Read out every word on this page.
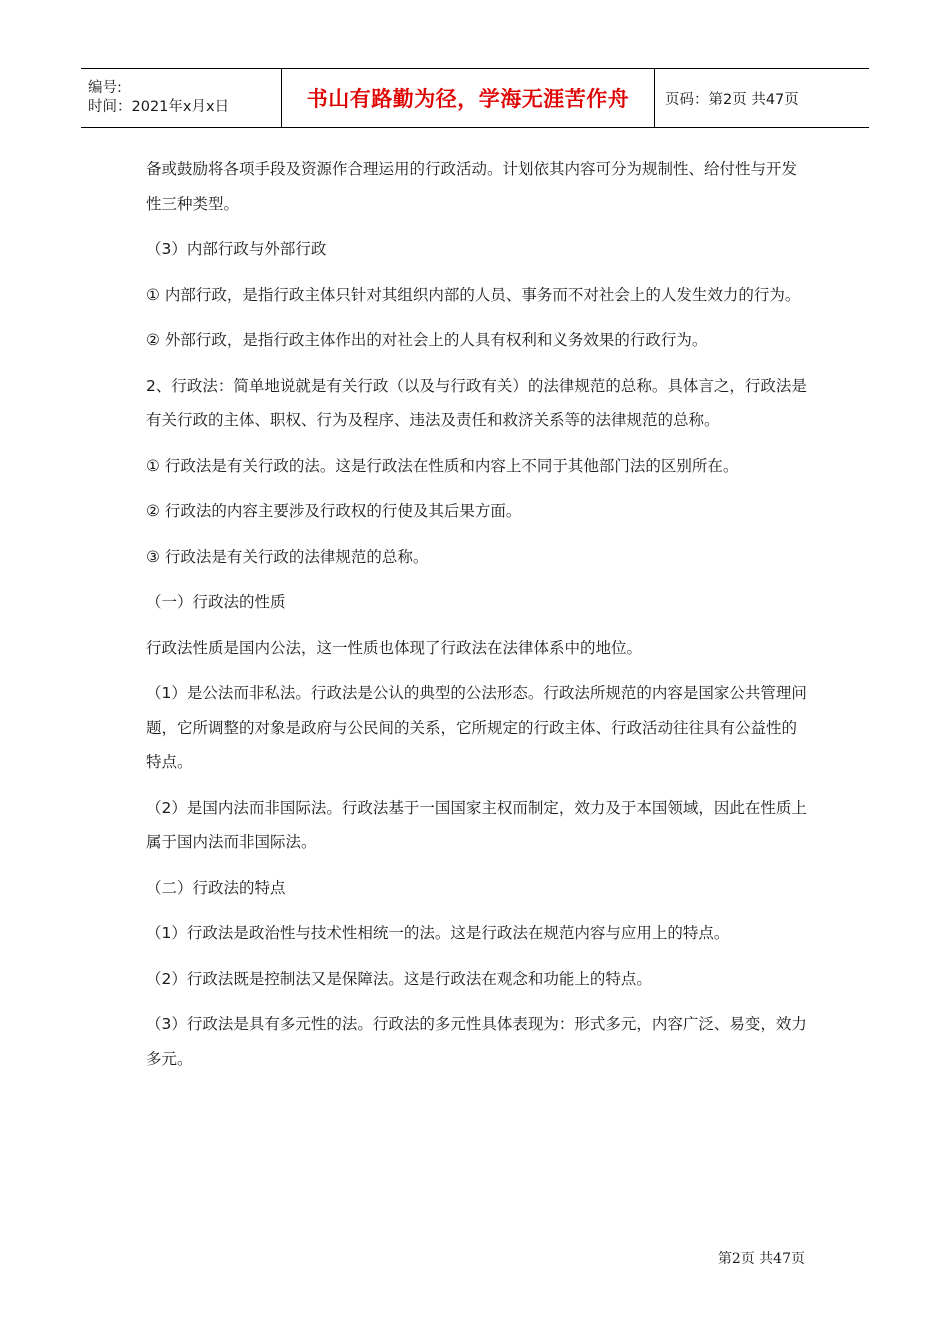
编号:
时间：2021年x月x日	书山有路勤为径，学海无涯苦作舟	页码：第2页 共47页

备或鼓励将各项手段及资源作合理运用的行政活动。计划依其内容可分为规制性、给付性与开发性三种类型。

（3）内部行政与外部行政

① 内部行政，是指行政主体只针对其组织内部的人员、事务而不对社会上的人发生效力的行为。

② 外部行政，是指行政主体作出的对社会上的人具有权利和义务效果的行政行为。

2、行政法：简单地说就是有关行政（以及与行政有关）的法律规范的总称。具体言之，行政法是有关行政的主体、职权、行为及程序、违法及责任和救济关系等的法律规范的总称。

① 行政法是有关行政的法。这是行政法在性质和内容上不同于其他部门法的区别所在。

② 行政法的内容主要涉及行政权的行使及其后果方面。

③ 行政法是有关行政的法律规范的总称。

（一）行政法的性质

行政法性质是国内公法，这一性质也体现了行政法在法律体系中的地位。

（1）是公法而非私法。行政法是公认的典型的公法形态。行政法所规范的内容是国家公共管理问题，它所调整的对象是政府与公民间的关系，它所规定的行政主体、行政活动往往具有公益性的特点。

（2）是国内法而非国际法。行政法基于一国国家主权而制定，效力及于本国领域，因此在性质上属于国内法而非国际法。

（二）行政法的特点

（1）行政法是政治性与技术性相统一的法。这是行政法在规范内容与应用上的特点。

（2）行政法既是控制法又是保障法。这是行政法在观念和功能上的特点。

（3）行政法是具有多元性的法。行政法的多元性具体表现为：形式多元，内容广泛、易变，效力多元。

第2页 共47页
